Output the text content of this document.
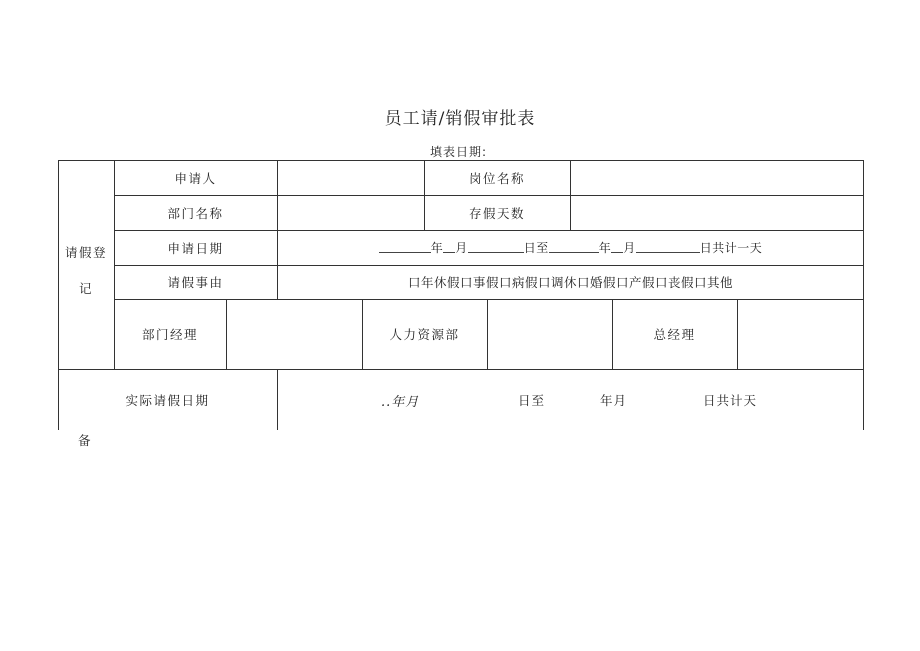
员工请/销假审批表
填表日期:
请假登
记
申请人	岗位名称
部门名称	存假天数
申请日期	年 月	日至	年 月	日共计一天
请假事由	口年休假口事假口病假口调休口婚假口产假口丧假口其他
部门经理	人力资源部	总经理
实际请假日期	..年月	日至	年月	日共计天
备
